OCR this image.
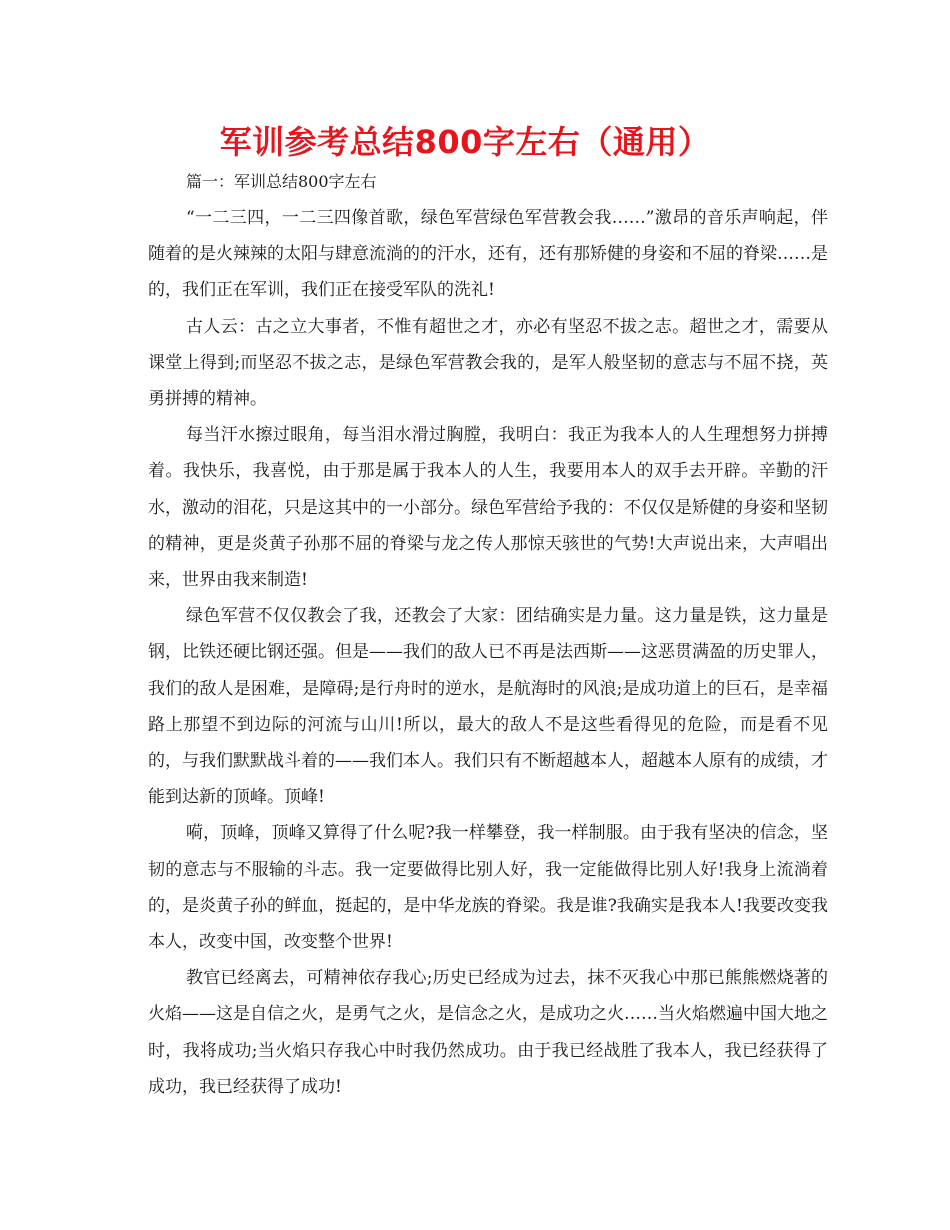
军训参考总结800字左右（通用）

篇一：军训总结800字左右

“一二三四，一二三四像首歌，绿色军营绿色军营教会我……”激昂的音乐声响起，伴随着的是火辣辣的太阳与肆意流淌的的汗水，还有，还有那矫健的身姿和不屈的脊梁……是的，我们正在军训，我们正在接受军队的洗礼!

古人云：古之立大事者，不惟有超世之才，亦必有坚忍不拔之志。超世之才，需要从课堂上得到;而坚忍不拔之志，是绿色军营教会我的，是军人般坚韧的意志与不屈不挠，英勇拼搏的精神。

每当汗水擦过眼角，每当泪水滑过胸膛，我明白：我正为我本人的人生理想努力拼搏着。我快乐，我喜悦，由于那是属于我本人的人生，我要用本人的双手去开辟。辛勤的汗水，激动的泪花，只是这其中的一小部分。绿色军营给予我的：不仅仅是矫健的身姿和坚韧的精神，更是炎黄子孙那不屈的脊梁与龙之传人那惊天骇世的气势!大声说出来，大声唱出来，世界由我来制造!

绿色军营不仅仅教会了我，还教会了大家：团结确实是力量。这力量是铁，这力量是钢，比铁还硬比钢还强。但是——我们的敌人已不再是法西斯——这恶贯满盈的历史罪人，我们的敌人是困难，是障碍;是行舟时的逆水，是航海时的风浪;是成功道上的巨石，是幸福路上那望不到边际的河流与山川!所以，最大的敌人不是这些看得见的危险，而是看不见的，与我们默默战斗着的——我们本人。我们只有不断超越本人，超越本人原有的成绩，才能到达新的顶峰。顶峰!

嗬，顶峰，顶峰又算得了什么呢?我一样攀登，我一样制服。由于我有坚决的信念，坚韧的意志与不服输的斗志。我一定要做得比别人好，我一定能做得比别人好!我身上流淌着的，是炎黄子孙的鲜血，挺起的，是中华龙族的脊梁。我是谁?我确实是我本人!我要改变我本人，改变中国，改变整个世界!

教官已经离去，可精神依存我心;历史已经成为过去，抹不灭我心中那已熊熊燃烧著的火焰——这是自信之火，是勇气之火，是信念之火，是成功之火……当火焰燃遍中国大地之时，我将成功;当火焰只存我心中时我仍然成功。由于我已经战胜了我本人，我已经获得了成功，我已经获得了成功!
